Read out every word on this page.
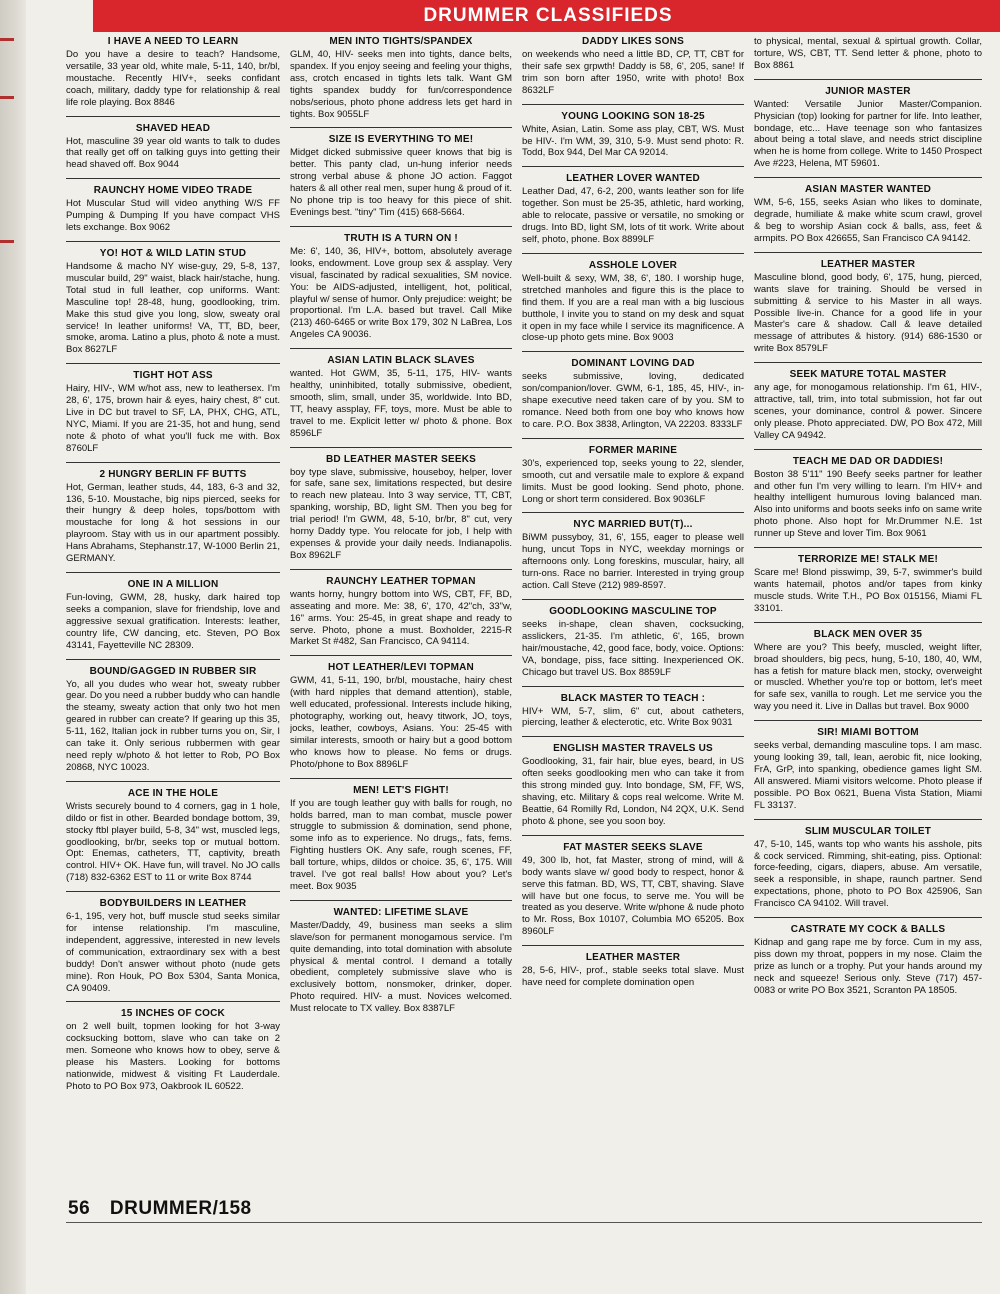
DRUMMER CLASSIFIEDS
I HAVE A NEED TO LEARN

Do you have a desire to teach? Handsome, versatile, 33 year old, white male, 5-11, 140, br/bl, moustache. Recently HIV+, seeks confidant coach, military, daddy type for relationship & real life role playing. Box 8846

SHAVED HEAD

Hot, masculine 39 year old wants to talk to dudes that really get off on talking guys into getting their head shaved off. Box 9044

RAUNCHY HOME VIDEO TRADE

Hot Muscular Stud will video anything W/S FF Pumping & Dumping If you have compact VHS lets exchange. Box 9062

YO! HOT & WILD LATIN STUD

Handsome & macho NY wise-guy, 29, 5-8, 137, muscular build, 29" waist, black hair/stache, hung. Total stud in full leather, cop uniforms. Want: Masculine top! 28-48, hung, goodlooking, trim. Make this stud give you long, slow, sweaty oral service! In leather uniforms! VA, TT, BD, beer, smoke, aroma. Latino a plus, photo & note a must. Box 8627LF

TIGHT HOT ASS

Hairy, HIV-, WM w/hot ass, new to leathersex. I'm 28, 6', 175, brown hair & eyes, hairy chest, 8" cut. Live in DC but travel to SF, LA, PHX, CHG, ATL, NYC, Miami. If you are 21-35, hot and hung, send note & photo of what you'll fuck me with. Box 8760LF

2 HUNGRY BERLIN FF BUTTS

Hot, German, leather studs, 44, 183, 6-3 and 32, 136, 5-10. Moustache, big nips pierced, seeks for their hungry & deep holes, tops/bottom with moustache for long & hot sessions in our playroom. Stay with us in our apartment possibly. Hans Abrahams, Stephanstr.17, W-1000 Berlin 21, GERMANY.

ONE IN A MILLION

Fun-loving, GWM, 28, husky, dark haired top seeks a companion, slave for friendship, love and aggressive sexual gratification. Interests: leather, country life, CW dancing, etc. Steven, PO Box 43141, Fayetteville NC 28309.

BOUND/GAGGED IN RUBBER SIR

Yo, all you dudes who wear hot, sweaty rubber gear. Do you need a rubber buddy who can handle the steamy, sweaty action that only two hot men geared in rubber can create? If gearing up this 35, 5-11, 162, Italian jock in rubber turns you on, Sir, I can take it. Only serious rubbermen with gear need reply w/photo & hot letter to Rob, PO Box 20868, NYC 10023.

ACE IN THE HOLE

Wrists securely bound to 4 corners, gag in 1 hole, dildo or fist in other. Bearded bondage bottom, 39, stocky ftbl player build, 5-8, 34" wst, muscled legs, goodlooking, br/br, seeks top or mutual bottom. Opt: Enemas, catheters, TT, captivity, breath control. HIV+ OK. Have fun, will travel. No JO calls (718) 832-6362 EST to 11 or write Box 8744

BODYBUILDERS IN LEATHER

6-1, 195, very hot, buff muscle stud seeks similar for intense relationship. I'm masculine, independent, aggressive, interested in new levels of communication, extraordinary sex with a best buddy! Don't answer without photo (nude gets mine). Ron Houk, PO Box 5304, Santa Monica, CA 90409.

15 INCHES OF COCK

on 2 well built, topmen looking for hot 3-way cocksucking bottom, slave who can take on 2 men. Someone who knows how to obey, serve & please his Masters. Looking for bottoms nationwide, midwest & visiting Ft Lauderdale. Photo to PO Box 973, Oakbrook IL 60522.

MEN INTO TIGHTS/SPANDEX

GLM, 40, HIV- seeks men into tights, dance belts, spandex. If you enjoy seeing and feeling your thighs, ass, crotch encased in tights lets talk. Want GM tights spandex buddy for fun/correspondence nobs/serious, photo phone address lets get hard in tights. Box 9055LF

SIZE IS EVERYTHING TO ME!

Midget dicked submissive queer knows that big is better. This panty clad, un-hung inferior needs strong verbal abuse & phone JO action. Faggot haters & all other real men, super hung & proud of it. No phone trip is too heavy for this piece of shit. Evenings best. "tiny" Tim (415) 668-5664.

TRUTH IS A TURN ON !

Me: 6', 140, 36, HIV+, bottom, absolutely average looks, endowment. Love group sex & assplay. Very visual, fascinated by radical sexualities, SM novice. You: be AIDS-adjusted, intelligent, hot, political, playful w/ sense of humor. Only prejudice: weight; be proportional. I'm L.A. based but travel. Call Mike (213) 460-6465 or write Box 179, 302 N LaBrea, Los Angeles CA 90036.

ASIAN LATIN BLACK SLAVES

wanted. Hot GWM, 35, 5-11, 175, HIV- wants healthy, uninhibited, totally submissive, obedient, smooth, slim, small, under 35, worldwide. Into BD, TT, heavy assplay, FF, toys, more. Must be able to travel to me. Explicit letter w/ photo & phone. Box 8596LF

BD LEATHER MASTER SEEKS

boy type slave, submissive, houseboy, helper, lover for safe, sane sex, limitations respected, but desire to reach new plateau. Into 3 way service, TT, CBT, spanking, worship, BD, light SM. Then you beg for trial period! I'm GWM, 48, 5-10, br/br, 8" cut, very horny Daddy type. You relocate for job, I help with expenses & provide your daily needs. Indianapolis. Box 8962LF

RAUNCHY LEATHER TOPMAN

wants horny, hungry bottom into WS, CBT, FF, BD, asseating and more. Me: 38, 6', 170, 42"ch, 33"w, 16" arms. You: 25-45, in great shape and ready to serve. Photo, phone a must. Boxholder, 2215-R Market St #482, San Francisco, CA 94114.

HOT LEATHER/LEVI TOPMAN

GWM, 41, 5-11, 190, br/bl, moustache, hairy chest (with hard nipples that demand attention), stable, well educated, professional. Interests include hiking, photography, working out, heavy titwork, JO, toys, jocks, leather, cowboys, Asians. You: 25-45 with similar interests, smooth or hairy but a good bottom who knows how to please. No fems or drugs. Photo/phone to Box 8896LF

MEN! LET'S FIGHT!

If you are tough leather guy with balls for rough, no holds barred, man to man combat, muscle power struggle to submission & domination, send phone, some info as to experience. No drugs,, fats, fems. Fighting hustlers OK. Any safe, rough scenes, FF, ball torture, whips, dildos or choice. 35, 6', 175. Will travel. I've got real balls! How about you? Let's meet. Box 9035

WANTED: LIFETIME SLAVE

Master/Daddy, 49, business man seeks a slim slave/son for permanent monogamous service. I'm quite demanding, into total domination with absolute physical & mental control. I demand a totally obedient, completely submissive slave who is exclusively bottom, nonsmoker, drinker, doper. Photo required. HIV- a must. Novices welcomed. Must relocate to TX valley. Box 8387LF

DADDY LIKES SONS

on weekends who need a little BD, CP, TT, CBT for their safe sex grpwth! Daddy is 58, 6', 205, sane! If trim son born after 1950, write with photo! Box 8632LF

YOUNG LOOKING SON 18-25

White, Asian, Latin. Some ass play, CBT, WS. Must be HIV-. I'm WM, 39, 310, 5-9. Must send photo: R. Todd, Box 944, Del Mar CA 92014.

LEATHER LOVER WANTED

Leather Dad, 47, 6-2, 200, wants leather son for life together. Son must be 25-35, athletic, hard working, able to relocate, passive or versatile, no smoking or drugs. Into BD, light SM, lots of tit work. Write about self, photo, phone. Box 8899LF

ASSHOLE LOVER

Well-built & sexy, WM, 38, 6', 180. I worship huge, stretched manholes and figure this is the place to find them. If you are a real man with a big luscious butthole, I invite you to stand on my desk and squat it open in my face while I service its magnificence. A close-up photo gets mine. Box 9003

DOMINANT LOVING DAD

seeks submissive, loving, dedicated son/companion/lover. GWM, 6-1, 185, 45, HIV-, in-shape executive need taken care of by you. SM to romance. Need both from one boy who knows how to care. P.O. Box 3838, Arlington, VA 22203. 8333LF

FORMER MARINE

30's, experienced top, seeks young to 22, slender, smooth, cut and versatile male to explore & expand limits. Must be good looking. Send photo, phone. Long or short term considered. Box 9036LF

NYC MARRIED BUT(T)...

BiWM pussyboy, 31, 6', 155, eager to please well hung, uncut Tops in NYC, weekday mornings or afternoons only. Long foreskins, muscular, hairy, all turn-ons. Race no barrier. Interested in trying group action. Call Steve (212) 989-8597.

GOODLOOKING MASCULINE TOP

seeks in-shape, clean shaven, cocksucking, asslickers, 21-35. I'm athletic, 6', 165, brown hair/moustache, 42, good face, body, voice. Options: VA, bondage, piss, face sitting. Inexperienced OK. Chicago but travel US. Box 8859LF

BLACK MASTER TO TEACH :

HIV+ WM, 5-7, slim, 6" cut, about catheters, piercing, leather & electerotic, etc. Write Box 9031

ENGLISH MASTER TRAVELS US

Goodlooking, 31, fair hair, blue eyes, beard, in US often seeks goodlooking men who can take it from this strong minded guy. Into bondage, SM, FF, WS, shaving, etc. Military & cops real welcome. Write M. Beattie, 64 Romilly Rd, London, N4 2QX, U.K. Send photo & phone, see you soon boy.

FAT MASTER SEEKS SLAVE

49, 300 lb, hot, fat Master, strong of mind, will & body wants slave w/ good body to respect, honor & serve this fatman. BD, WS, TT, CBT, shaving. Slave will have but one focus, to serve me. You will be treated as you deserve. Write w/phone & nude photo to Mr. Ross, Box 10107, Columbia MO 65205. Box 8960LF

LEATHER MASTER

28, 5-6, HIV-, prof., stable seeks total slave. Must have need for complete domination open

to physical, mental, sexual & spirtual growth. Collar, torture, WS, CBT, TT. Send letter & phone, photo to Box 8861

JUNIOR MASTER

Wanted: Versatile Junior Master/Companion. Physician (top) looking for partner for life. Into leather, bondage, etc... Have teenage son who fantasizes about being a total slave, and needs strict discipline when he is home from college. Write to 1450 Prospect Ave #223, Helena, MT 59601.

ASIAN MASTER WANTED

WM, 5-6, 155, seeks Asian who likes to dominate, degrade, humiliate & make white scum crawl, grovel & beg to worship Asian cock & balls, ass, feet & armpits. PO Box 426655, San Francisco CA 94142.

LEATHER MASTER

Masculine blond, good body, 6', 175, hung, pierced, wants slave for training. Should be versed in submitting & service to his Master in all ways. Possible live-in. Chance for a good life in your Master's care & shadow. Call & leave detailed message of attributes & history. (914) 686-1530 or write Box 8579LF

SEEK MATURE TOTAL MASTER

any age, for monogamous relationship. I'm 61, HIV-, attractive, tall, trim, into total submission, hot far out scenes, your dominance, control & power. Sincere only please. Photo appreciated. DW, PO Box 472, Mill Valley CA 94942.

TEACH ME DAD OR DADDIES!

Boston 38 5'11" 190 Beefy seeks partner for leather and other fun I'm very willing to learn. I'm HIV+ and healthy intelligent humurous loving balanced man. Also into uniforms and boots seeks info on same write photo phone. Also hopt for Mr.Drummer N.E. 1st runner up Steve and lover Tim. Box 9061

TERRORIZE ME! STALK ME!

Scare me! Blond pisswimp, 39, 5-7, swimmer's build wants hatemail, photos and/or tapes from kinky muscle studs. Write T.H., PO Box 015156, Miami FL 33101.

BLACK MEN OVER 35

Where are you? This beefy, muscled, weight lifter, broad shoulders, big pecs, hung, 5-10, 180, 40, WM, has a fetish for mature black men, stocky, overweight or muscled. Whether you're top or bottom, let's meet for safe sex, vanilla to rough. Let me service you the way you need it. Live in Dallas but travel. Box 9000

SIR! MIAMI BOTTOM

seeks verbal, demanding masculine tops. I am masc. young looking 39, tall, lean, aerobic fit, nice looking, FrA, GrP, into spanking, obedience games light SM. All answered. Miami visitors welcome. Photo please if possible. PO Box 0621, Buena Vista Station, Miami FL 33137.

SLIM MUSCULAR TOILET

47, 5-10, 145, wants top who wants his asshole, pits & cock serviced. Rimming, shit-eating, piss. Optional: force-feeding, cigars, diapers, abuse. Am versatile, seek a responsible, in shape, raunch partner. Send expectations, phone, photo to PO Box 425906, San Francisco CA 94102. Will travel.

CASTRATE MY COCK & BALLS

Kidnap and gang rape me by force. Cum in my ass, piss down my throat, poppers in my nose. Claim the prize as lunch or a trophy. Put your hands around my neck and squeeze! Serious only. Steve (717) 457-0083 or write PO Box 3521, Scranton PA 18505.

56 DRUMMER/158
